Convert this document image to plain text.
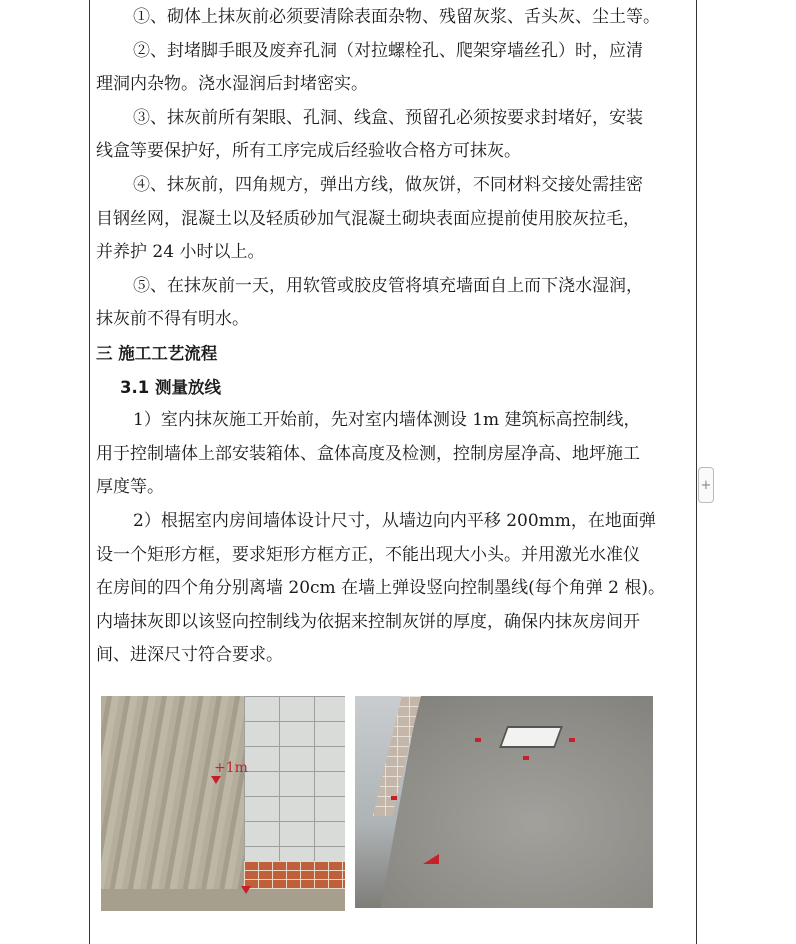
①、砌体上抹灰前必须要清除表面杂物、残留灰浆、舌头灰、尘土等。
②、封堵脚手眼及废弃孔洞（对拉螺栓孔、爬架穿墙丝孔）时，应清
理洞内杂物。浇水湿润后封堵密实。
③、抹灰前所有架眼、孔洞、线盒、预留孔必须按要求封堵好，安装
线盒等要保护好，所有工序完成后经验收合格方可抹灰。
④、抹灰前，四角规方，弹出方线，做灰饼，不同材料交接处需挂密
目钢丝网，混凝土以及轻质砂加气混凝土砌块表面应提前使用胶灰拉毛，
并养护 24 小时以上。
⑤、在抹灰前一天，用软管或胶皮管将填充墙面自上而下浇水湿润，
抹灰前不得有明水。
三 施工工艺流程
3.1 测量放线
1）室内抹灰施工开始前，先对室内墙体测设 1m 建筑标高控制线，
用于控制墙体上部安装箱体、盒体高度及检测，控制房屋净高、地坪施工
厚度等。
2）根据室内房间墙体设计尺寸，从墙边向内平移 200mm，在地面弹
设一个矩形方框，要求矩形方框方正，不能出现大小头。并用激光水准仪
在房间的四个角分别离墙 20cm 在墙上弹设竖向控制墨线(每个角弹 2 根)。
内墙抹灰即以该竖向控制线为依据来控制灰饼的厚度，确保内抹灰房间开
间、进深尺寸符合要求。
+1m
+
